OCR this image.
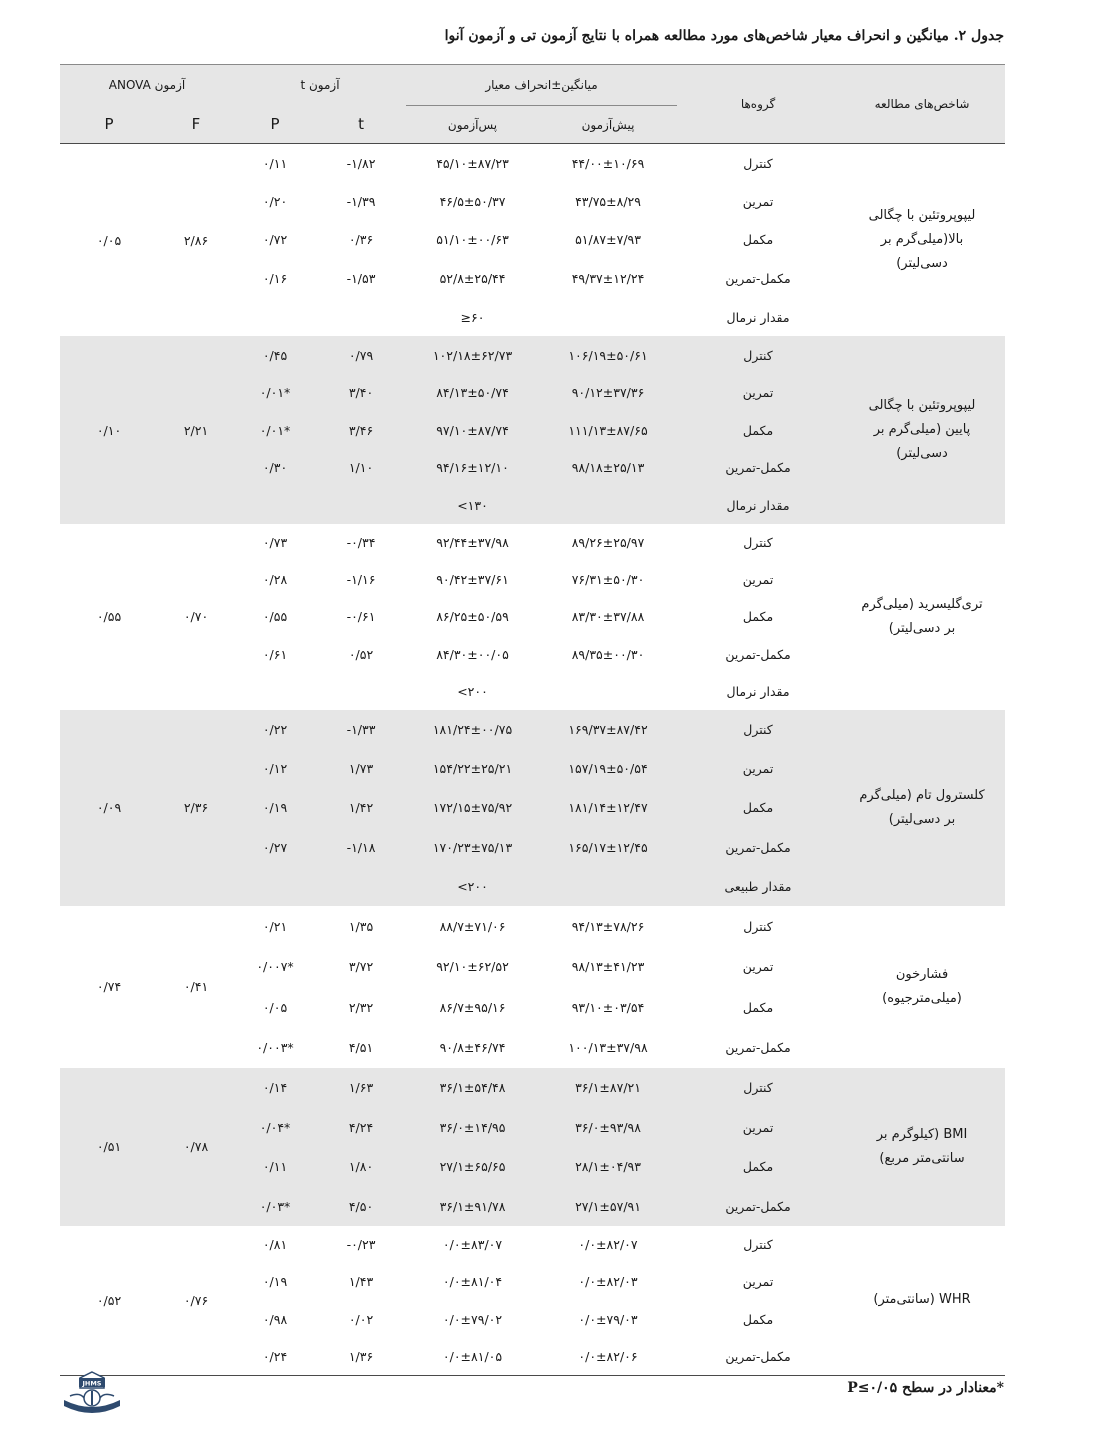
جدول ۲. میانگین و انحراف معیار شاخص‌های مورد مطالعه همراه با نتایج آزمون تی و آزمون آنوا
شاخص‌های مطالعه	گروه‌ها	میانگین±انحراف معیار		آزمون t		آزمون ANOVA	
		پیش‌آزمون	پس‌آزمون	t	P	F	P
لیپوپروتئین با چگالی بالا(میلی‌گرم بر دسی‌لیتر)	کنترل	۴۴/۰۰±۱۰/۶۹	۴۵/۱۰±۸۷/۲۳	-۱/۸۲	۰/۱۱	۲/۸۶	۰/۰۵
	تمرین	۴۳/۷۵±۸/۲۹	۴۶/۵±۵۰/۳۷	-۱/۳۹	۰/۲۰		
	مکمل	۵۱/۸۷±۷/۹۳	۵۱/۱۰±۰۰/۶۳	۰/۳۶	۰/۷۲		
	مکمل-تمرین	۴۹/۳۷±۱۲/۲۴	۵۲/۸±۲۵/۴۴	-۱/۵۳	۰/۱۶		
	مقدار نرمال		≥۶۰				
لیپوپروتئین با چگالی پایین (میلی‌گرم بر دسی‌لیتر)	کنترل	۱۰۶/۱۹±۵۰/۶۱	۱۰۲/۱۸±۶۲/۷۳	۰/۷۹	۰/۴۵	۲/۲۱	۰/۱۰
	تمرین	۹۰/۱۲±۳۷/۳۶	۸۴/۱۳±۵۰/۷۴	۳/۴۰	۰/۰۱*		
	مکمل	۱۱۱/۱۳±۸۷/۶۵	۹۷/۱۰±۸۷/۷۴	۳/۴۶	۰/۰۱*		
	مکمل-تمرین	۹۸/۱۸±۲۵/۱۳	۹۴/۱۶±۱۲/۱۰	۱/۱۰	۰/۳۰		
	مقدار نرمال		<۱۳۰				
تری‌گلیسرید (میلی‌گرم بر دسی‌لیتر)	کنترل	۸۹/۲۶±۲۵/۹۷	۹۲/۴۴±۳۷/۹۸	-۰/۳۴	۰/۷۳	۰/۷۰	۰/۵۵
	تمرین	۷۶/۳۱±۵۰/۳۰	۹۰/۴۲±۳۷/۶۱	-۱/۱۶	۰/۲۸		
	مکمل	۸۳/۳۰±۳۷/۸۸	۸۶/۲۵±۵۰/۵۹	-۰/۶۱	۰/۵۵		
	مکمل-تمرین	۸۹/۳۵±۰۰/۳۰	۸۴/۳۰±۰۰/۰۵	۰/۵۲	۰/۶۱		
	مقدار نرمال		<۲۰۰				
کلسترول تام (میلی‌گرم بر دسی‌لیتر)	کنترل	۱۶۹/۳۷±۸۷/۴۲	۱۸۱/۲۴±۰۰/۷۵	-۱/۳۳	۰/۲۲	۲/۳۶	۰/۰۹
	تمرین	۱۵۷/۱۹±۵۰/۵۴	۱۵۴/۲۲±۲۵/۲۱	۱/۷۳	۰/۱۲		
	مکمل	۱۸۱/۱۴±۱۲/۴۷	۱۷۲/۱۵±۷۵/۹۲	۱/۴۲	۰/۱۹		
	مکمل-تمرین	۱۶۵/۱۷±۱۲/۴۵	۱۷۰/۲۳±۷۵/۱۳	-۱/۱۸	۰/۲۷		
	مقدار طبیعی		<۲۰۰				
فشارخون (میلی‌مترجیوه)	کنترل	۹۴/۱۳±۷۸/۲۶	۸۸/۷±۷۱/۰۶	۱/۳۵	۰/۲۱	۰/۴۱	۰/۷۴
	تمرین	۹۸/۱۳±۴۱/۲۳	۹۲/۱۰±۶۲/۵۲	۳/۷۲	۰/۰۰۷*		
	مکمل	۹۳/۱۰±۰۳/۵۴	۸۶/۷±۹۵/۱۶	۲/۳۲	۰/۰۵		
	مکمل-تمرین	۱۰۰/۱۳±۳۷/۹۸	۹۰/۸±۴۶/۷۴	۴/۵۱	۰/۰۰۳*		
BMI (کیلوگرم بر سانتی‌متر مربع)	کنترل	۳۶/۱±۸۷/۲۱	۳۶/۱±۵۴/۴۸	۱/۶۳	۰/۱۴	۰/۷۸	۰/۵۱
	تمرین	۳۶/۰±۹۳/۹۸	۳۶/۰±۱۴/۹۵	۴/۲۴	۰/۰۴*		
	مکمل	۲۸/۱±۰۴/۹۳	۲۷/۱±۶۵/۶۵	۱/۸۰	۰/۱۱		
	مکمل-تمرین	۲۷/۱±۵۷/۹۱	۳۶/۱±۹۱/۷۸	۴/۵۰	۰/۰۳*		
WHR (سانتی‌متر)	کنترل	۰/۰±۸۲/۰۷	۰/۰±۸۳/۰۷	-۰/۲۳	۰/۸۱	۰/۷۶	۰/۵۲
	تمرین	۰/۰±۸۲/۰۳	۰/۰±۸۱/۰۴	۱/۴۳	۰/۱۹		
	مکمل	۰/۰±۷۹/۰۳	۰/۰±۷۹/۰۲	۰/۰۲	۰/۹۸		
	مکمل-تمرین	۰/۰±۸۲/۰۶	۰/۰±۸۱/۰۵	۱/۳۶	۰/۲۴		
*معنادار در سطح P≤۰/۰۵
JHMS
